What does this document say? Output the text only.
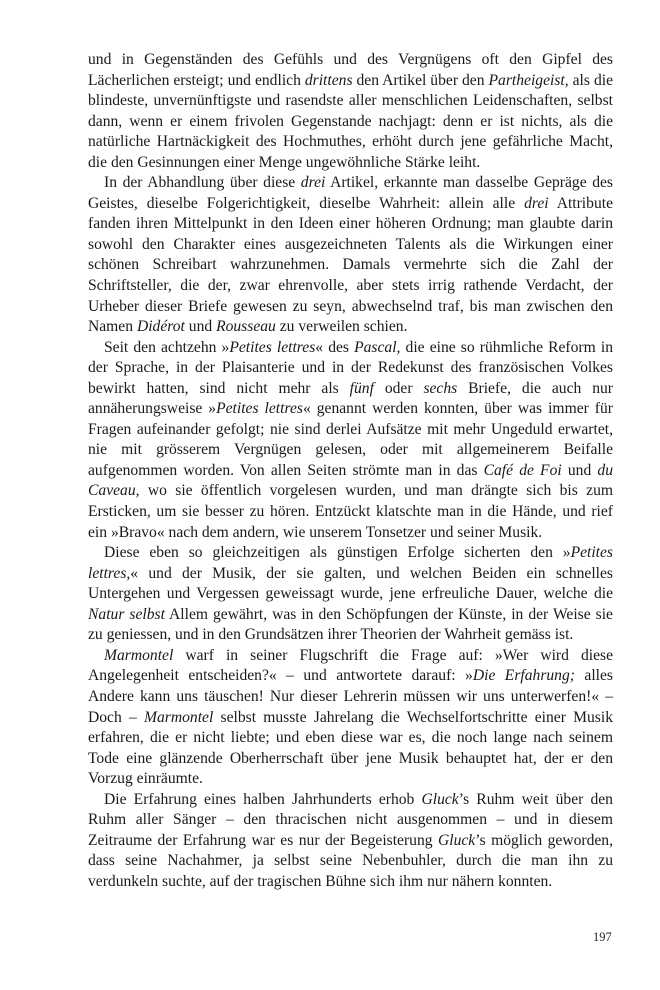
und in Gegenständen des Gefühls und des Vergnügens oft den Gipfel des Lächerlichen ersteigt; und endlich drittens den Artikel über den Partheigeist, als die blindeste, unvernünftigste und rasendste aller menschlichen Leidenschaften, selbst dann, wenn er einem frivolen Gegenstande nachjagt: denn er ist nichts, als die natürliche Hartnäckigkeit des Hochmuthes, erhöht durch jene gefährliche Macht, die den Gesinnungen einer Menge ungewöhnliche Stärke leiht.

In der Abhandlung über diese drei Artikel, erkannte man dasselbe Gepräge des Geistes, dieselbe Folgerichtigkeit, dieselbe Wahrheit: allein alle drei Attribute fanden ihren Mittelpunkt in den Ideen einer höheren Ordnung; man glaubte darin sowohl den Charakter eines ausgezeichneten Talents als die Wirkungen einer schönen Schreibart wahrzunehmen. Damals vermehrte sich die Zahl der Schriftsteller, die der, zwar ehrenvolle, aber stets irrig rathende Verdacht, der Urheber dieser Briefe gewesen zu seyn, abwechselnd traf, bis man zwischen den Namen Didérot und Rousseau zu verweilen schien.

Seit den achtzehn »Petites lettres« des Pascal, die eine so rühmliche Reform in der Sprache, in der Plaisanterie und in der Redekunst des französischen Volkes bewirkt hatten, sind nicht mehr als fünf oder sechs Briefe, die auch nur annäherungsweise »Petites lettres« genannt werden konnten, über was immer für Fragen aufeinander gefolgt; nie sind derlei Aufsätze mit mehr Ungeduld erwartet, nie mit grösserem Vergnügen gelesen, oder mit allgemeinerem Beifalle aufgenommen worden. Von allen Seiten strömte man in das Café de Foi und du Caveau, wo sie öffentlich vorgelesen wurden, und man drängte sich bis zum Ersticken, um sie besser zu hören. Entzückt klatschte man in die Hände, und rief ein »Bravo« nach dem andern, wie unserem Tonsetzer und seiner Musik.

Diese eben so gleichzeitigen als günstigen Erfolge sicherten den »Petites lettres,« und der Musik, der sie galten, und welchen Beiden ein schnelles Untergehen und Vergessen geweissagt wurde, jene erfreuliche Dauer, welche die Natur selbst Allem gewährt, was in den Schöpfungen der Künste, in der Weise sie zu geniessen, und in den Grundsätzen ihrer Theorien der Wahrheit gemäss ist.

Marmontel warf in seiner Flugschrift die Frage auf: »Wer wird diese Angelegenheit entscheiden?« – und antwortete darauf: »Die Erfahrung; alles Andere kann uns täuschen! Nur dieser Lehrerin müssen wir uns unterwerfen!« – Doch – Marmontel selbst musste Jahrelang die Wechselfortschritte einer Musik erfahren, die er nicht liebte; und eben diese war es, die noch lange nach seinem Tode eine glänzende Oberherrschaft über jene Musik behauptet hat, der er den Vorzug einräumte.

Die Erfahrung eines halben Jahrhunderts erhob Gluck’s Ruhm weit über den Ruhm aller Sänger – den thracischen nicht ausgenommen – und in diesem Zeitraume der Erfahrung war es nur der Begeisterung Gluck’s möglich geworden, dass seine Nachahmer, ja selbst seine Nebenbuhler, durch die man ihn zu verdunkeln suchte, auf der tragischen Bühne sich ihm nur nähern konnten.

197
